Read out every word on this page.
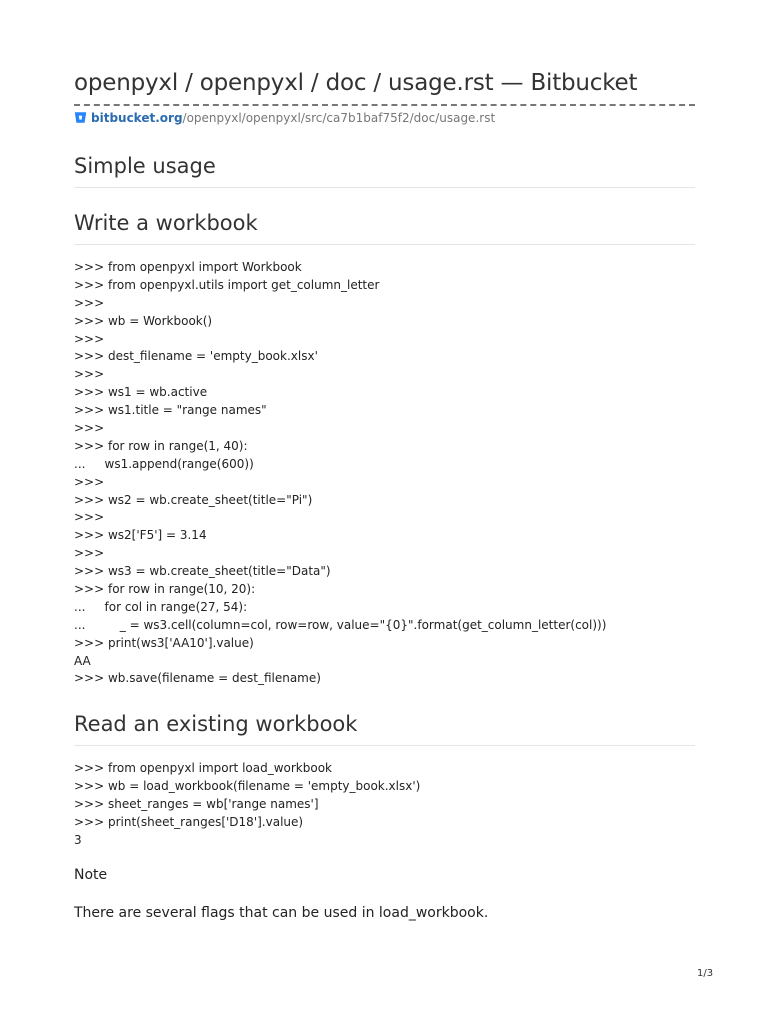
openpyxl / openpyxl / doc / usage.rst — Bitbucket
bitbucket.org/openpyxl/openpyxl/src/ca7b1baf75f2/doc/usage.rst
Simple usage
Write a workbook
>>> from openpyxl import Workbook
>>> from openpyxl.utils import get_column_letter
>>>
>>> wb = Workbook()
>>>
>>> dest_filename = 'empty_book.xlsx'
>>>
>>> ws1 = wb.active
>>> ws1.title = "range names"
>>>
>>> for row in range(1, 40):
...     ws1.append(range(600))
>>>
>>> ws2 = wb.create_sheet(title="Pi")
>>>
>>> ws2['F5'] = 3.14
>>>
>>> ws3 = wb.create_sheet(title="Data")
>>> for row in range(10, 20):
...     for col in range(27, 54):
...         _ = ws3.cell(column=col, row=row, value="{0}".format(get_column_letter(col)))
>>> print(ws3['AA10'].value)
AA
>>> wb.save(filename = dest_filename)
Read an existing workbook
>>> from openpyxl import load_workbook
>>> wb = load_workbook(filename = 'empty_book.xlsx')
>>> sheet_ranges = wb['range names']
>>> print(sheet_ranges['D18'].value)
3

Note

There are several flags that can be used in load_workbook.

1/3
